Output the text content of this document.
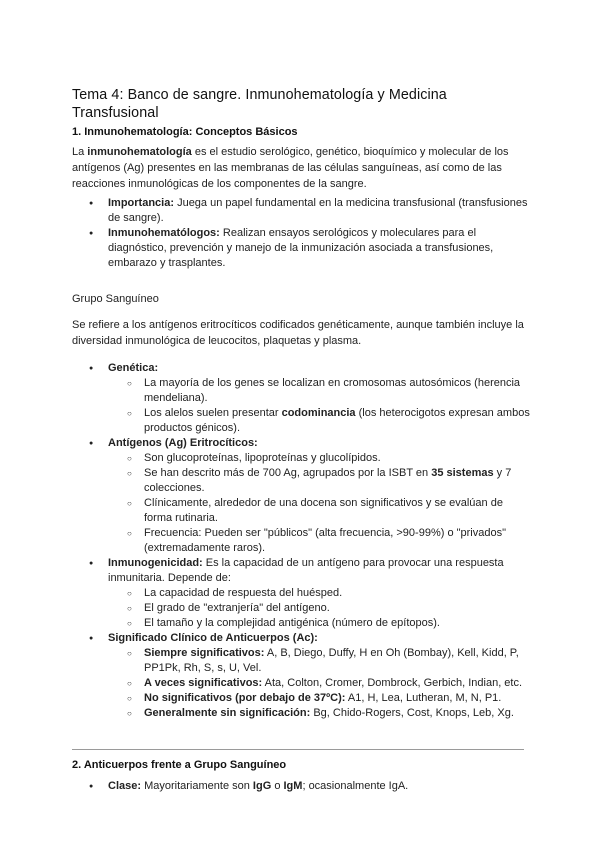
Tema 4: Banco de sangre. Inmunohematología y Medicina Transfusional
1. Inmunohematología: Conceptos Básicos

La inmunohematología es el estudio serológico, genético, bioquímico y molecular de los antígenos (Ag) presentes en las membranas de las células sanguíneas, así como de las reacciones inmunológicas de los componentes de la sangre.

● Importancia: Juega un papel fundamental en la medicina transfusional (transfusiones de sangre).
● Inmunohematólogos: Realizan ensayos serológicos y moleculares para el diagnóstico, prevención y manejo de la inmunización asociada a transfusiones, embarazo y trasplantes.
Grupo Sanguíneo

Se refiere a los antígenos eritrocíticos codificados genéticamente, aunque también incluye la diversidad inmunológica de leucocitos, plaquetas y plasma.

● Genética:
○ La mayoría de los genes se localizan en cromosomas autosómicos (herencia mendeliana).
○ Los alelos suelen presentar codominancia (los heterocigotos expresan ambos productos génicos).
● Antígenos (Ag) Eritrocíticos:
○ Son glucoproteínas, lipoproteínas y glucolípidos.
○ Se han descrito más de 700 Ag, agrupados por la ISBT en 35 sistemas y 7 colecciones.
○ Clínicamente, alrededor de una docena son significativos y se evalúan de forma rutinaria.
○ Frecuencia: Pueden ser "públicos" (alta frecuencia, >90-99%) o "privados" (extremadamente raros).
● Inmunogenicidad: Es la capacidad de un antígeno para provocar una respuesta inmunitaria. Depende de:
○ La capacidad de respuesta del huésped.
○ El grado de "extranjería" del antígeno.
○ El tamaño y la complejidad antigénica (número de epítopos).
● Significado Clínico de Anticuerpos (Ac):
○ Siempre significativos: A, B, Diego, Duffy, H en Oh (Bombay), Kell, Kidd, P, PP1Pk, Rh, S, s, U, Vel.
○ A veces significativos: Ata, Colton, Cromer, Dombrock, Gerbich, Indian, etc.
○ No significativos (por debajo de 37ºC): A1, H, Lea, Lutheran, M, N, P1.
○ Generalmente sin significación: Bg, Chido-Rogers, Cost, Knops, Leb, Xg.
2. Anticuerpos frente a Grupo Sanguíneo
● Clase: Mayoritariamente son IgG o IgM; ocasionalmente IgA.
